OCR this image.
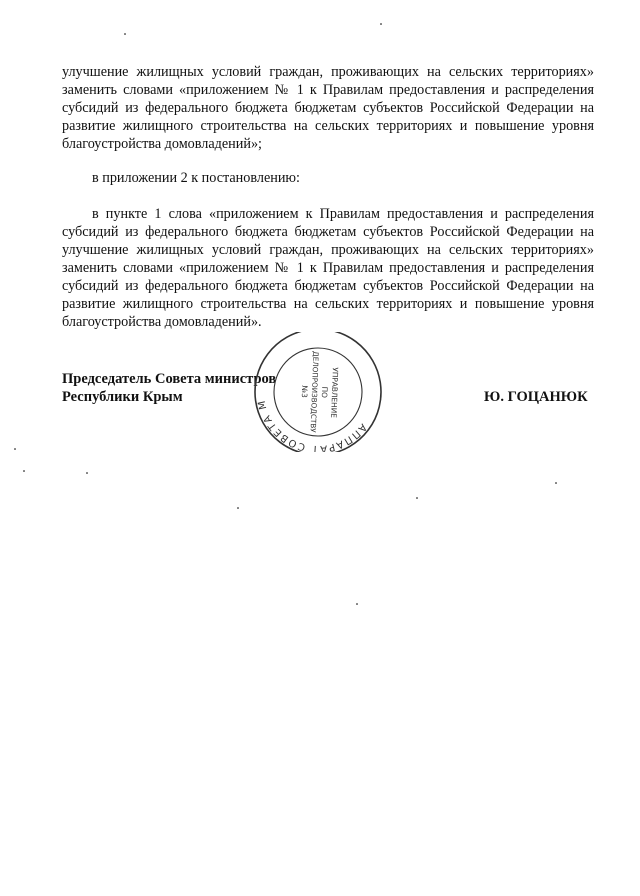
улучшение жилищных условий граждан, проживающих на сельских территориях»
заменить словами «приложением № 1 к Правилам предоставления и распределения
субсидий из федерального бюджета бюджетам субъектов Российской Федерации на
развитие жилищного строительства на сельских территориях и повышение уровня
благоустройства домовладений»;
в приложении 2 к постановлению:
в пункте 1 слова «приложением к Правилам предоставления и распределения
субсидий из федерального бюджета бюджетам субъектов Российской Федерации на
улучшение жилищных условий граждан, проживающих на сельских территориях»
заменить словами «приложением № 1 к Правилам предоставления и распределения
субсидий из федерального бюджета бюджетам субъектов Российской Федерации на
развитие жилищного строительства на сельских территориях и повышение уровня
благоустройства домовладений».
Председатель Совета министров
Республики Крым	Ю. ГОЦАНЮК
АППАРАТ СОВЕТА МИНИСТРОВ
УПРАВЛЕНИЕ
ПО
ДЕЛОПРОИЗВОДСТВУ
№3
